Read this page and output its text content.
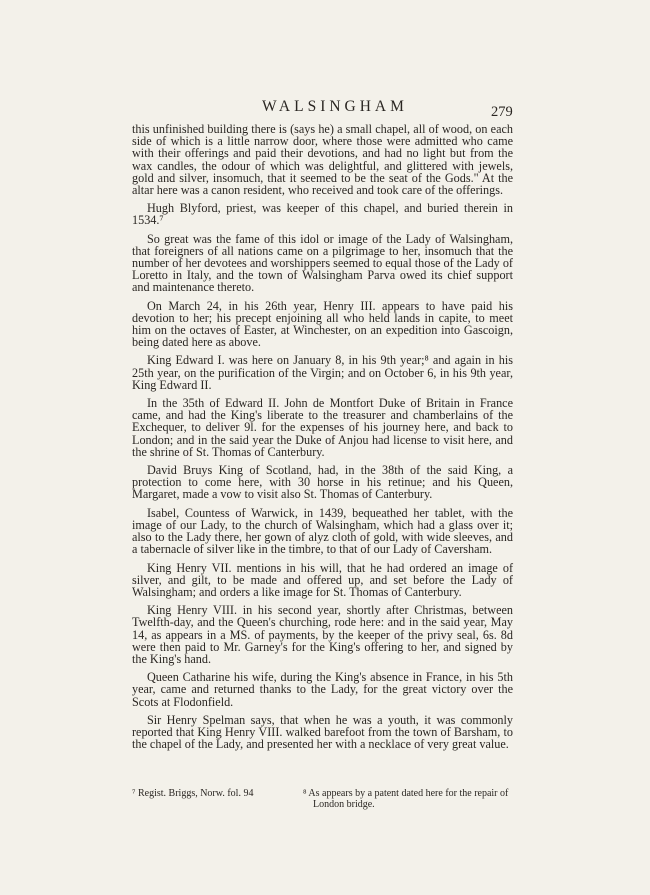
WALSINGHAM	279

this unfinished building there is (says he) a small chapel, all of wood, on each side of which is a little narrow door, where those were admitted who came with their offerings and paid their devotions, and had no light but from the wax candles, the odour of which was delightful, and glittered with jewels, gold and silver, insomuch, that it seemed to be the seat of the Gods." At the altar here was a canon resident, who received and took care of the offerings.

Hugh Blyford, priest, was keeper of this chapel, and buried therein in 1534.⁷

So great was the fame of this idol or image of the Lady of Walsingham, that foreigners of all nations came on a pilgrimage to her, insomuch that the number of her devotees and worshippers seemed to equal those of the Lady of Loretto in Italy, and the town of Walsingham Parva owed its chief support and maintenance thereto.

On March 24, in his 26th year, Henry III. appears to have paid his devotion to her; his precept enjoining all who held lands in capite, to meet him on the octaves of Easter, at Winchester, on an expedition into Gascoign, being dated here as above.

King Edward I. was here on January 8, in his 9th year;⁸ and again in his 25th year, on the purification of the Virgin; and on October 6, in his 9th year, King Edward II.

In the 35th of Edward II. John de Montfort Duke of Britain in France came, and had the King's liberate to the treasurer and chamberlains of the Exchequer, to deliver 9l. for the expenses of his journey here, and back to London; and in the said year the Duke of Anjou had license to visit here, and the shrine of St. Thomas of Canterbury.

David Bruys King of Scotland, had, in the 38th of the said King, a protection to come here, with 30 horse in his retinue; and his Queen, Margaret, made a vow to visit also St. Thomas of Canterbury.

Isabel, Countess of Warwick, in 1439, bequeathed her tablet, with the image of our Lady, to the church of Walsingham, which had a glass over it; also to the Lady there, her gown of alyz cloth of gold, with wide sleeves, and a tabernacle of silver like in the timbre, to that of our Lady of Caversham.

King Henry VII. mentions in his will, that he had ordered an image of silver, and gilt, to be made and offered up, and set before the Lady of Walsingham; and orders a like image for St. Thomas of Canterbury.

King Henry VIII. in his second year, shortly after Christmas, between Twelfth-day, and the Queen's churching, rode here: and in the said year, May 14, as appears in a MS. of payments, by the keeper of the privy seal, 6s. 8d were then paid to Mr. Garney's for the King's offering to her, and signed by the King's hand.

Queen Catharine his wife, during the King's absence in France, in his 5th year, came and returned thanks to the Lady, for the great victory over the Scots at Flodonfield.

Sir Henry Spelman says, that when he was a youth, it was commonly reported that King Henry VIII. walked barefoot from the town of Barsham, to the chapel of the Lady, and presented her with a necklace of very great value.

⁷ Regist. Briggs, Norw. fol. 94	⁸ As appears by a patent dated here for the repair of London bridge.
